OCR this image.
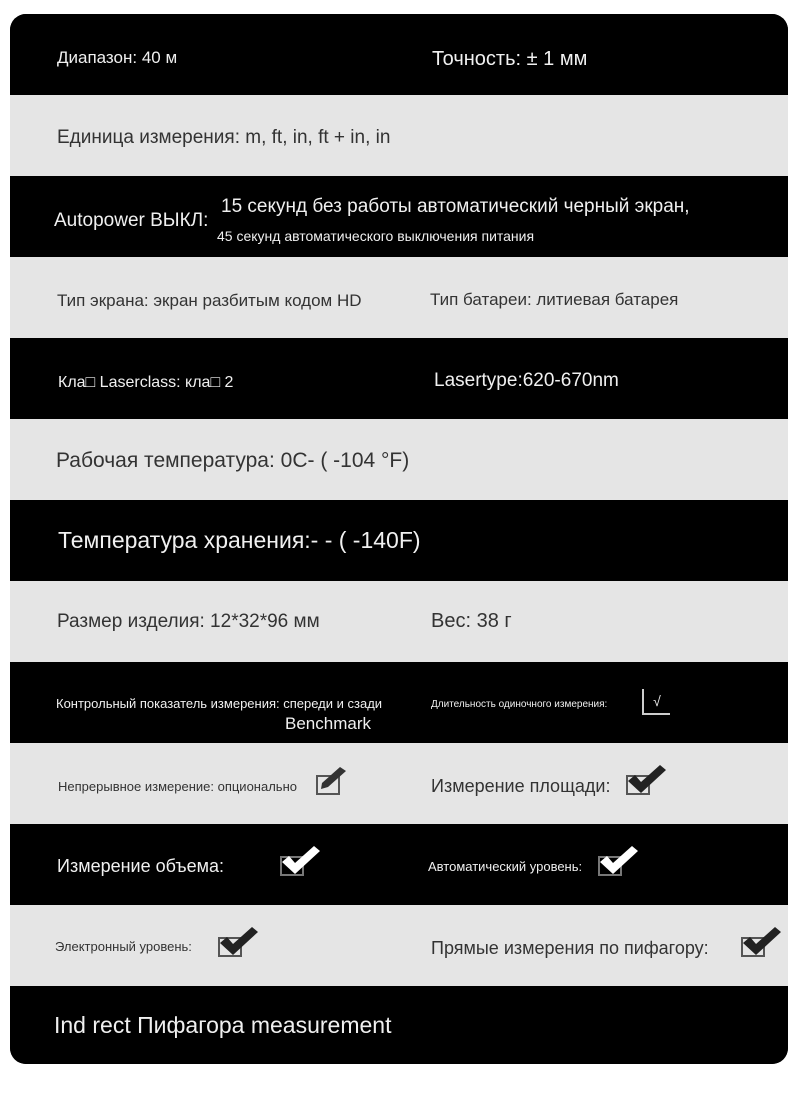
Диапазон: 40 м	Точность: ± 1 мм
Единица измерения: m, ft, in, ft + in, in
Autopower ВЫКЛ:
15 секунд без работы автоматический черный экран,
45 секунд автоматического выключения питания
Тип экрана: экран разбитым кодом HD	Тип батареи: литиевая батарея
Кла□ Laserclass: кла□ 2	Lasertype:620-670nm
Рабочая температура: 0C- ( -104 °F)
Температура хранения:- - ( -140F)
Размер изделия: 12*32*96 мм	Вес: 38 г
Контрольный показатель измерения: спереди и сзади
Benchmark
Длительность одиночного измерения:	√
Непрерывное измерение: опционально	Измерение площади:
Измерение объема:	Автоматический уровень:
Электронный уровень:	Прямые измерения по пифагору:
Ind rect Пифагора measurement
